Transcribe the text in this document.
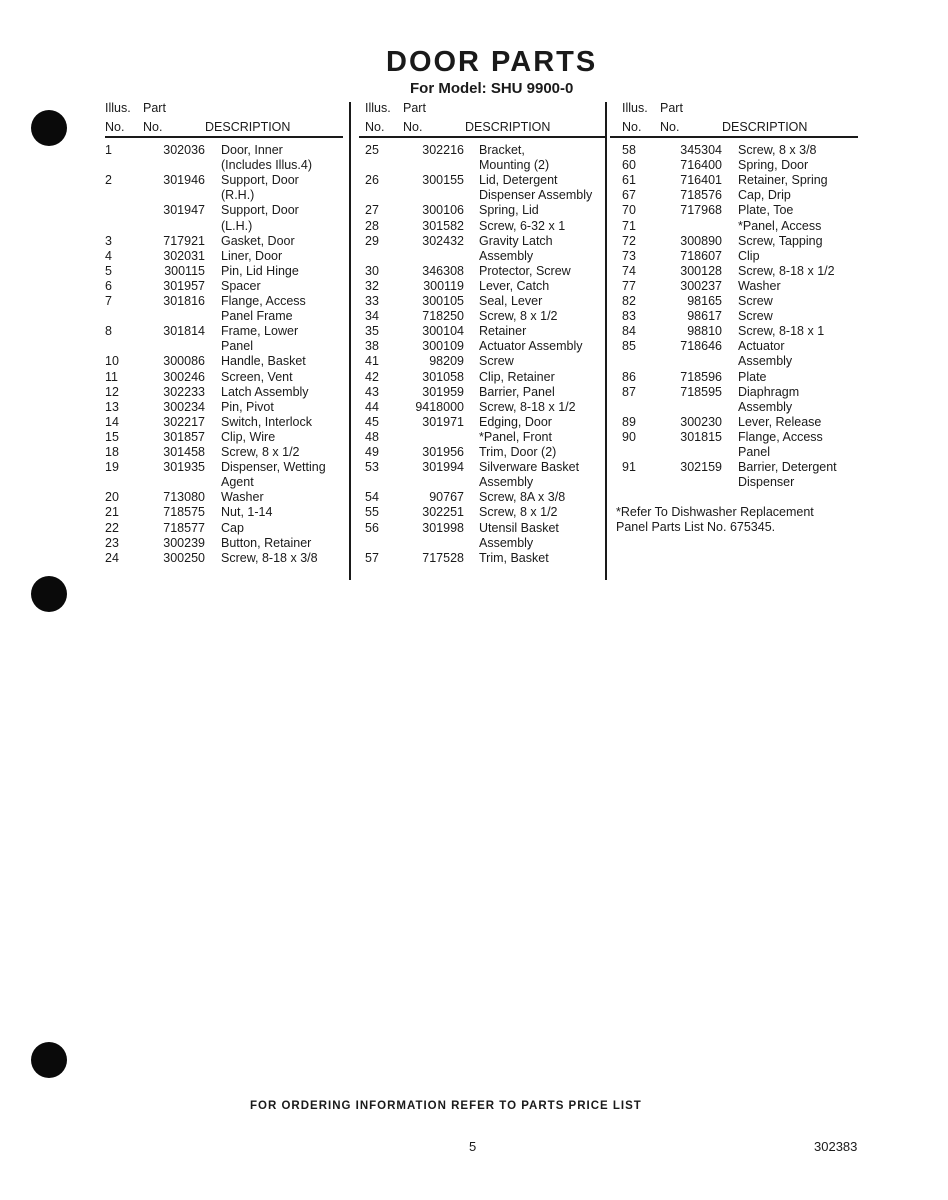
DOOR PARTS
For Model: SHU 9900-0
Illus. Part
No. No.	DESCRIPTION
1	302036 Door, Inner
(Includes Illus.4)
2	301946 Support, Door
(R.H.)
301947 Support, Door
(L.H.)
3	717921 Gasket, Door
4	302031 Liner, Door
5	300115 Pin, Lid Hinge
6	301957 Spacer
7	301816 Flange, Access
Panel Frame
8	301814 Frame, Lower
Panel
10	300086 Handle, Basket
11	300246 Screen, Vent
12	302233 Latch Assembly
13	300234 Pin, Pivot
14	302217 Switch, Interlock
15	301857 Clip, Wire
18	301458 Screw, 8 x 1/2
19	301935 Dispenser, Wetting
Agent
20	713080 Washer
21	718575 Nut, 1-14
22	718577 Cap
23	300239 Button, Retainer
24	300250 Screw, 8-18 x 3/8
Illus. Part
No. No.	DESCRIPTION
25	302216 Bracket,
Mounting (2)
26	300155 Lid, Detergent
Dispenser Assembly
27	300106 Spring, Lid
28	301582 Screw, 6-32 x 1
29	302432 Gravity Latch
Assembly
30	346308 Protector, Screw
32	300119 Lever, Catch
33	300105 Seal, Lever
34	718250 Screw, 8 x 1/2
35	300104 Retainer
38	300109 Actuator Assembly
41	98209 Screw
42	301058 Clip, Retainer
43	301959 Barrier, Panel
44	9418000 Screw, 8-18 x 1/2
45	301971 Edging, Door
48	*Panel, Front
49	301956 Trim, Door (2)
53	301994 Silverware Basket
Assembly
54	90767 Screw, 8A x 3/8
55	302251 Screw, 8 x 1/2
56	301998 Utensil Basket
Assembly
57	717528 Trim, Basket
Illus. Part
No. No.	DESCRIPTION
58	345304 Screw, 8 x 3/8
60	716400 Spring, Door
61	716401 Retainer, Spring
67	718576 Cap, Drip
70	717968 Plate, Toe
71	*Panel, Access
72	300890 Screw, Tapping
73	718607 Clip
74	300128 Screw, 8-18 x 1/2
77	300237 Washer
82	98165 Screw
83	98617 Screw
84	98810 Screw, 8-18 x 1
85	718646 Actuator
Assembly
86	718596 Plate
87	718595 Diaphragm
Assembly
89	300230 Lever, Release
90	301815 Flange, Access
Panel
91	302159 Barrier, Detergent
Dispenser
*Refer To Dishwasher Replacement
Panel Parts List No. 675345.
FOR ORDERING INFORMATION REFER TO PARTS PRICE LIST
5	302383
